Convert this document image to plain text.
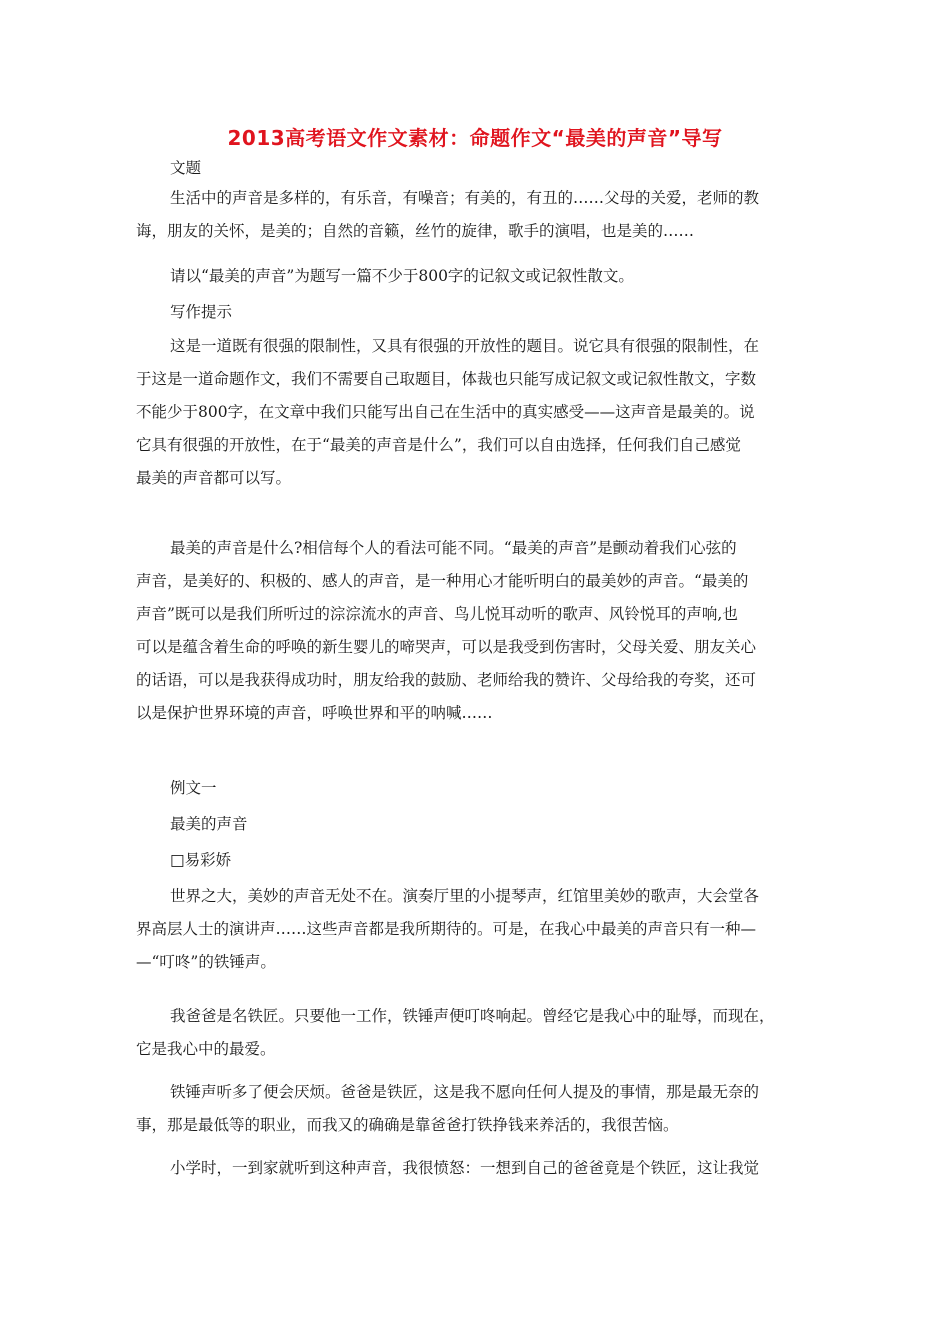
2013高考语文作文素材：命题作文“最美的声音”导写
文题
生活中的声音是多样的，有乐音，有噪音；有美的，有丑的……父母的关爱，老师的教
诲，朋友的关怀，是美的；自然的音籁，丝竹的旋律，歌手的演唱，也是美的……
请以“最美的声音”为题写一篇不少于800字的记叙文或记叙性散文。
写作提示
这是一道既有很强的限制性，又具有很强的开放性的题目。说它具有很强的限制性，在
于这是一道命题作文，我们不需要自己取题目，体裁也只能写成记叙文或记叙性散文，字数
不能少于800字，在文章中我们只能写出自己在生活中的真实感受——这声音是最美的。说
它具有很强的开放性，在于“最美的声音是什么”，我们可以自由选择，任何我们自己感觉
最美的声音都可以写。
最美的声音是什么?相信每个人的看法可能不同。“最美的声音”是颤动着我们心弦的
声音，是美好的、积极的、感人的声音，是一种用心才能听明白的最美妙的声音。“最美的
声音”既可以是我们所听过的淙淙流水的声音、鸟儿悦耳动听的歌声、风铃悦耳的声响,也
可以是蕴含着生命的呼唤的新生婴儿的啼哭声，可以是我受到伤害时，父母关爱、朋友关心
的话语，可以是我获得成功时，朋友给我的鼓励、老师给我的赞许、父母给我的夸奖，还可
以是保护世界环境的声音，呼唤世界和平的呐喊……
例文一
最美的声音
□易彩娇
世界之大，美妙的声音无处不在。演奏厅里的小提琴声，红馆里美妙的歌声，大会堂各
界高层人士的演讲声……这些声音都是我所期待的。可是，在我心中最美的声音只有一种—
—“叮咚”的铁锤声。
我爸爸是名铁匠。只要他一工作，铁锤声便叮咚响起。曾经它是我心中的耻辱，而现在，
它是我心中的最爱。
铁锤声听多了便会厌烦。爸爸是铁匠，这是我不愿向任何人提及的事情，那是最无奈的
事，那是最低等的职业，而我又的确确是靠爸爸打铁挣钱来养活的，我很苦恼。
小学时，一到家就听到这种声音，我很愤怒：一想到自己的爸爸竟是个铁匠，这让我觉
